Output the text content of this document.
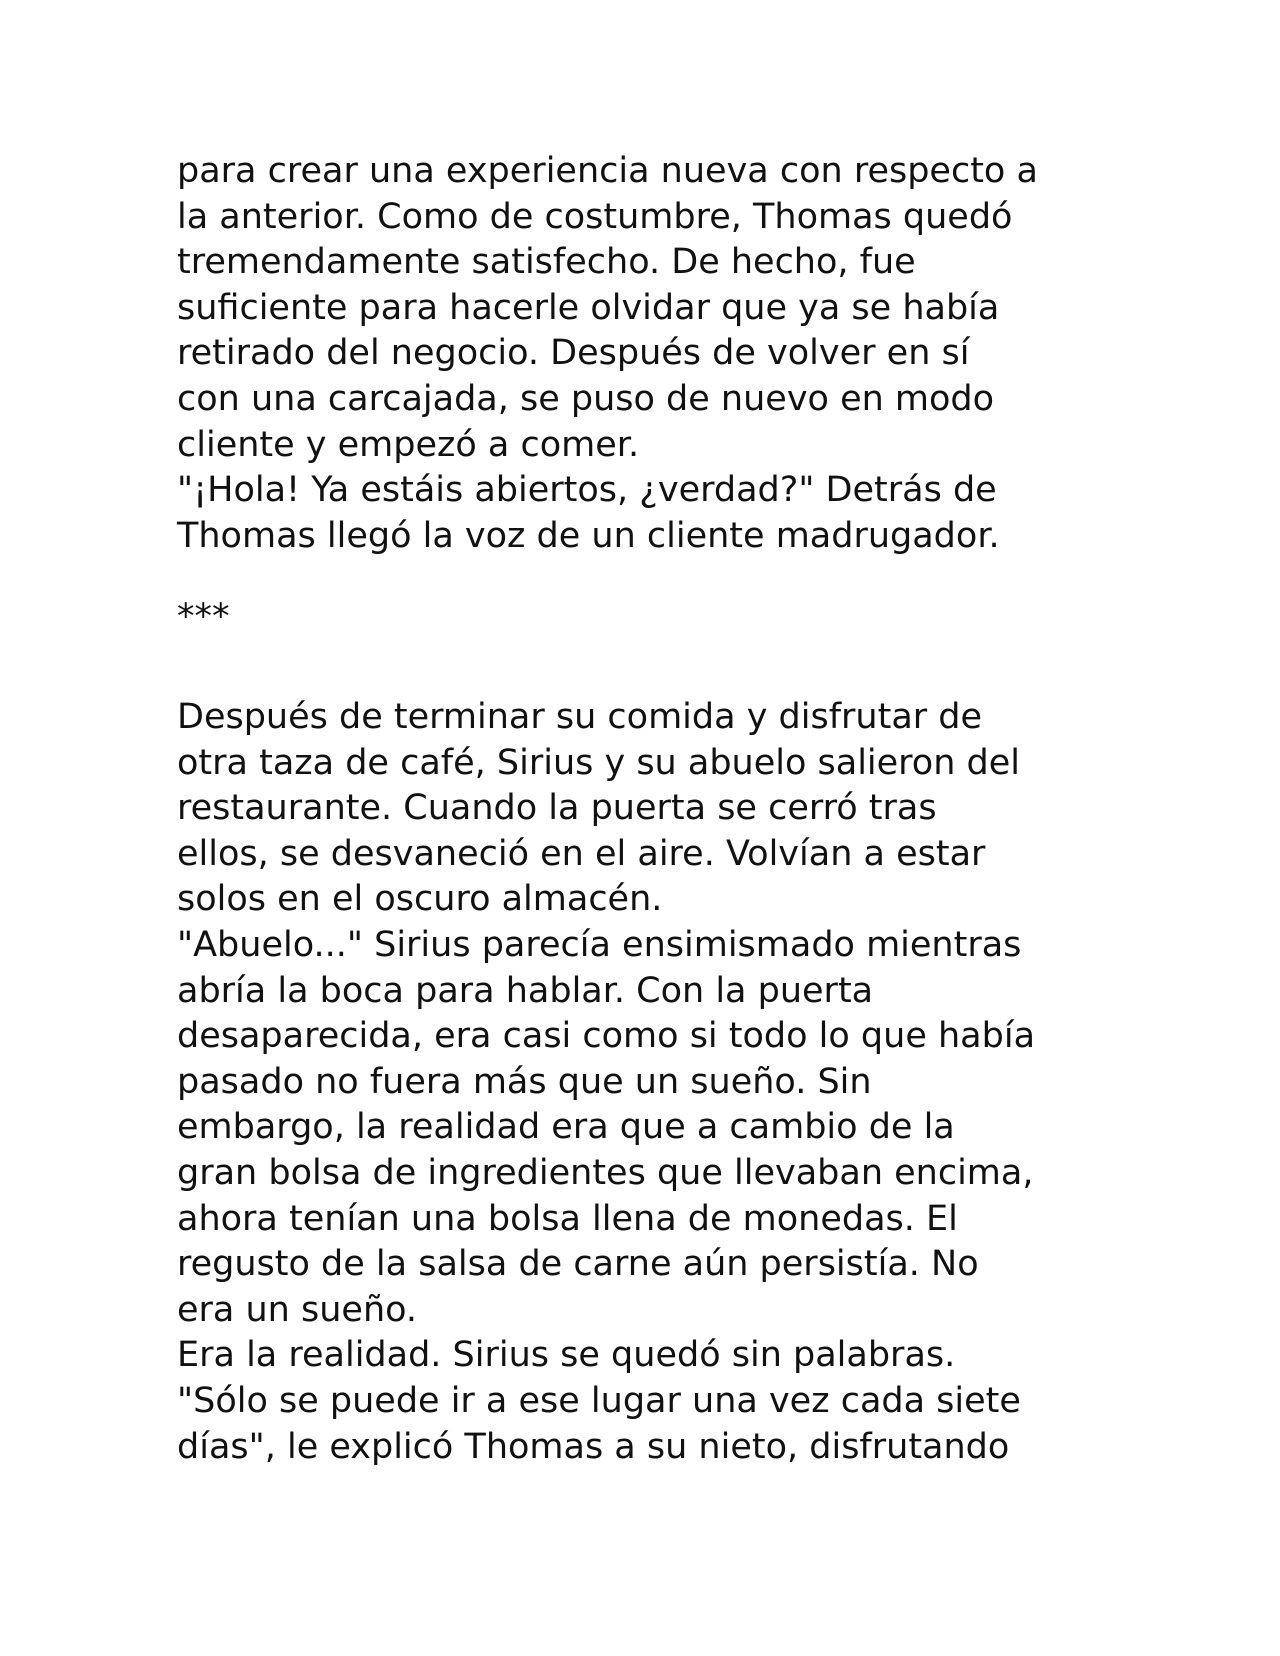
para crear una experiencia nueva con respecto a
la anterior. Como de costumbre, Thomas quedó
tremendamente satisfecho. De hecho, fue
suficiente para hacerle olvidar que ya se había
retirado del negocio. Después de volver en sí
con una carcajada, se puso de nuevo en modo
cliente y empezó a comer.
"¡Hola! Ya estáis abiertos, ¿verdad?" Detrás de
Thomas llegó la voz de un cliente madrugador.
***
Después de terminar su comida y disfrutar de
otra taza de café, Sirius y su abuelo salieron del
restaurante. Cuando la puerta se cerró tras
ellos, se desvaneció en el aire. Volvían a estar
solos en el oscuro almacén.
"Abuelo..." Sirius parecía ensimismado mientras
abría la boca para hablar. Con la puerta
desaparecida, era casi como si todo lo que había
pasado no fuera más que un sueño. Sin
embargo, la realidad era que a cambio de la
gran bolsa de ingredientes que llevaban encima,
ahora tenían una bolsa llena de monedas. El
regusto de la salsa de carne aún persistía. No
era un sueño.
Era la realidad. Sirius se quedó sin palabras.
"Sólo se puede ir a ese lugar una vez cada siete
días", le explicó Thomas a su nieto, disfrutando
